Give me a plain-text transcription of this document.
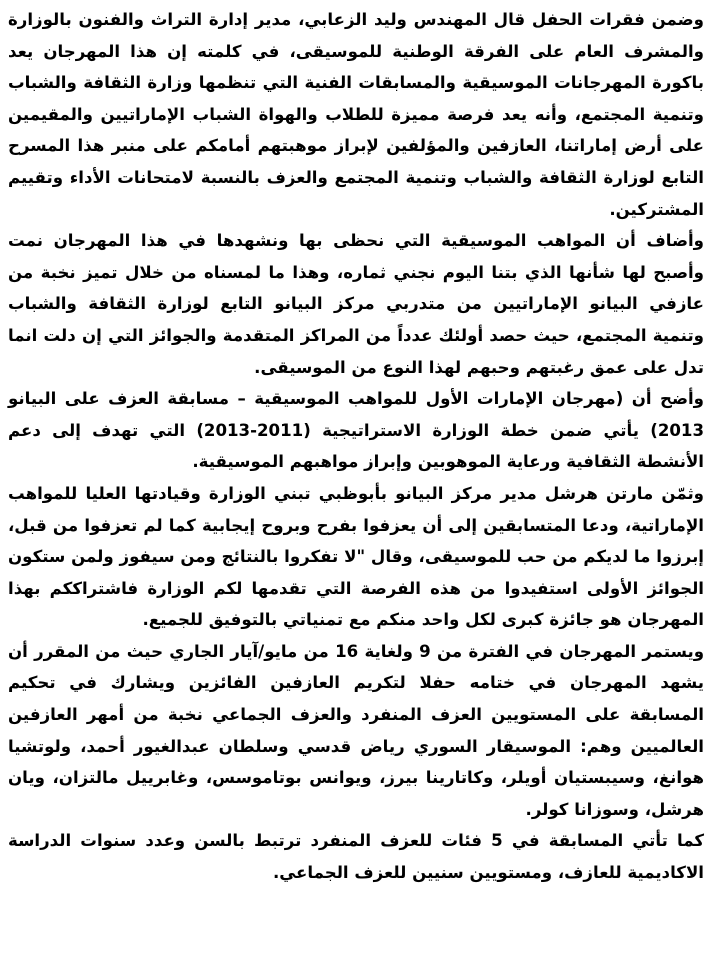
وضمن فقرات الحفل قال المهندس وليد الزعابي، مدير إدارة التراث والفنون بالوزارة والمشرف العام على الفرقة الوطنية للموسيقى، في كلمته إن هذا المهرجان يعد باكورة المهرجانات الموسيقية والمسابقات الفنية التي تنظمها وزارة الثقافة والشباب وتنمية المجتمع، وأنه يعد فرصة مميزة للطلاب والهواة الشباب الإماراتيين والمقيمين على أرض إماراتنا، العازفين والمؤلفين لإبراز موهبتهم أمامكم على منبر هذا المسرح التابع لوزارة الثقافة والشباب وتنمية المجتمع والعزف بالنسبة لامتحانات الأداء وتقييم المشتركين.

وأضاف أن المواهب الموسيقية التي نحظى بها ونشهدها في هذا المهرجان نمت وأصبح لها شأنها الذي بتنا اليوم نجني ثماره، وهذا ما لمسناه من خلال تميز نخبة من عازفي البيانو الإماراتيين من متدربي مركز البيانو التابع لوزارة الثقافة والشباب وتنمية المجتمع، حيث حصد أولئك عدداً من المراكز المتقدمة والجوائز التي إن دلت انما تدل على عمق رغبتهم وحبهم لهذا النوع من الموسيقى.

وأضح أن (مهرجان الإمارات الأول للمواهب الموسيقية – مسابقة العزف على البيانو 2013) يأتي ضمن خطة الوزارة الاستراتيجية (2011-2013) التي تهدف إلى دعم الأنشطة الثقافية ورعاية الموهوبين وإبراز مواهبهم الموسيقية.

وثمّن مارتن هرشل مدير مركز البيانو بأبوظبي تبني الوزارة وقيادتها العليا للمواهب الإماراتية، ودعا المتسابقين إلى أن يعزفوا بفرح وبروح إيجابية كما لم تعزفوا من قبل، إبرزوا ما لديكم من حب للموسيقى، وقال "لا تفكروا بالنتائج ومن سيفوز ولمن ستكون الجوائز الأولى استفيدوا من هذه الفرصة التي تقدمها لكم الوزارة فاشتراككم بهذا المهرجان هو جائزة كبرى لكل واحد منكم مع تمنياتي بالتوفيق للجميع.

ويستمر المهرجان في الفترة من 9 ولغاية 16 من مايو/آيار الجاري حيث من المقرر أن يشهد المهرجان في ختامه حفلا لتكريم العازفين الفائزين ويشارك في تحكيم المسابقة على المستويين العزف المنفرد والعزف الجماعي نخبة من أمهر العازفين العالميين وهم: الموسيقار السوري رياض قدسي وسلطان عبدالغيور أحمد، ولوتشيا هوانغ، وسيبستيان أويلر، وكاتارينا بيرز، ويوانس بوتاموسس، وغابرييل مالتزان، ويان هرشل، وسوزانا كولر.

كما تأتي المسابقة في 5 فئات للعزف المنفرد ترتبط بالسن وعدد سنوات الدراسة الاكاديمية للعازف، ومستويين سنيين للعزف الجماعي.
